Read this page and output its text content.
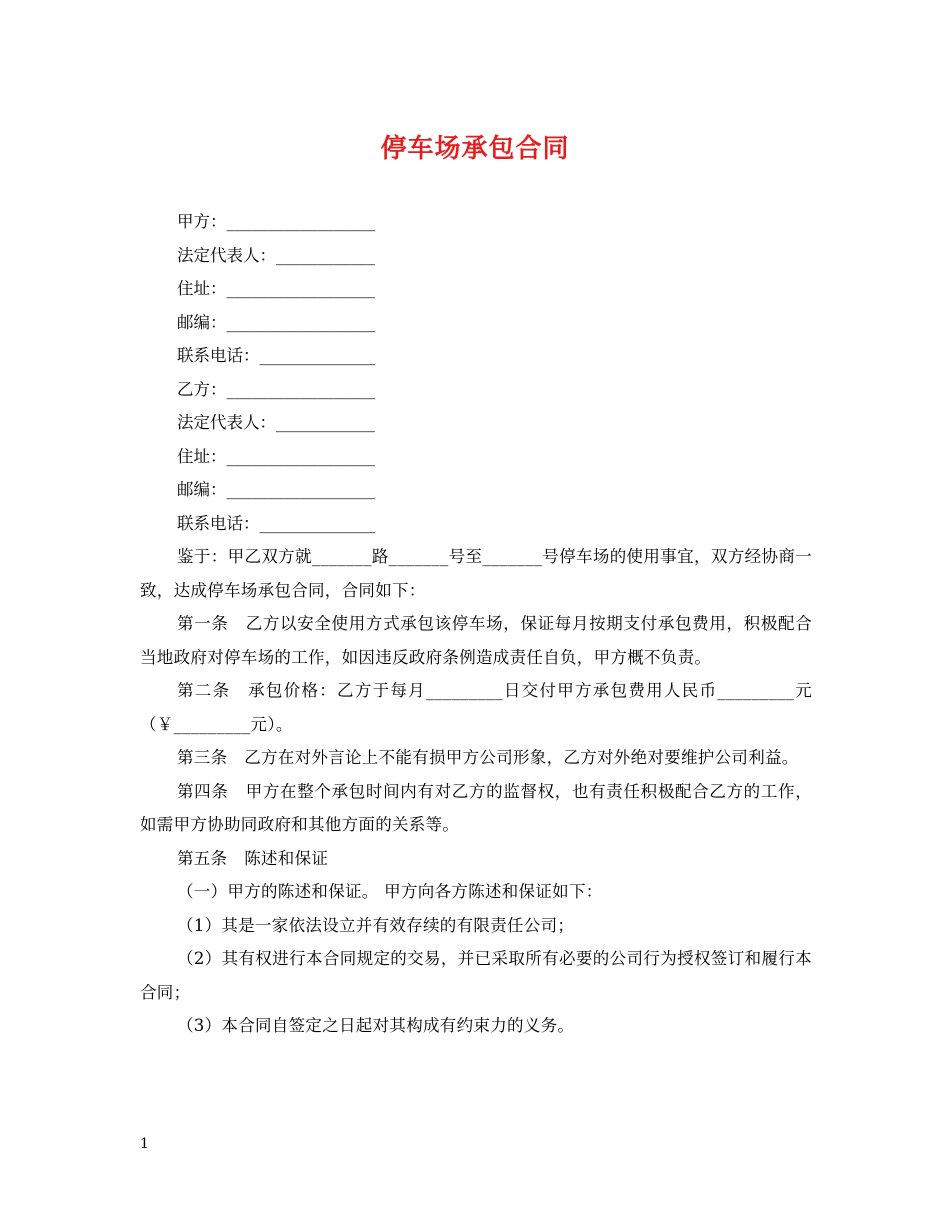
停车场承包合同
甲方：__________________
法定代表人：____________
住址：__________________
邮编：__________________
联系电话：______________
乙方：__________________
法定代表人：____________
住址：__________________
邮编：__________________
联系电话：______________
鉴于：甲乙双方就_______路_______号至_______号停车场的使用事宜，双方经协商一致，达成停车场承包合同，合同如下：
第一条　乙方以安全使用方式承包该停车场，保证每月按期支付承包费用，积极配合当地政府对停车场的工作，如因违反政府条例造成责任自负，甲方概不负责。
第二条　承包价格：乙方于每月_________日交付甲方承包费用人民币_________元（￥_________元）。
第三条　乙方在对外言论上不能有损甲方公司形象，乙方对外绝对要维护公司利益。
第四条　甲方在整个承包时间内有对乙方的监督权，也有责任积极配合乙方的工作，如需甲方协助同政府和其他方面的关系等。
第五条　陈述和保证
（一）甲方的陈述和保证。 甲方向各方陈述和保证如下：
（1）其是一家依法设立并有效存续的有限责任公司；
（2）其有权进行本合同规定的交易，并已采取所有必要的公司行为授权签订和履行本合同；
（3）本合同自签定之日起对其构成有约束力的义务。
1
